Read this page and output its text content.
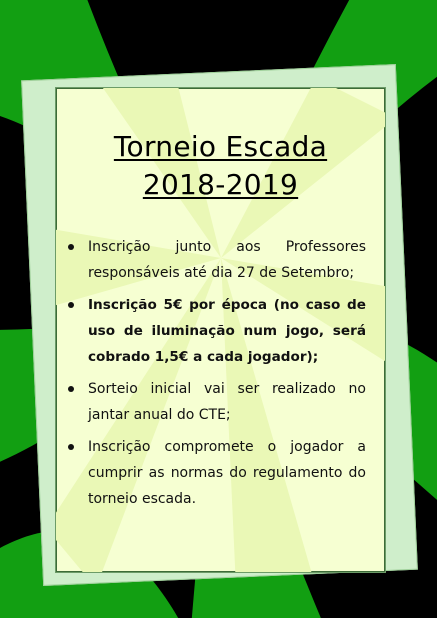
Torneio Escada
2018-2019
Inscrição junto aos Professores responsáveis até dia 27 de Setembro;
Inscrição 5€ por época (no caso de uso de iluminação num jogo, será cobrado 1,5€ a cada jogador);
Sorteio inicial vai ser realizado no jantar anual do CTE;
Inscrição compromete o jogador a cumprir as normas do regulamento do torneio escada.
